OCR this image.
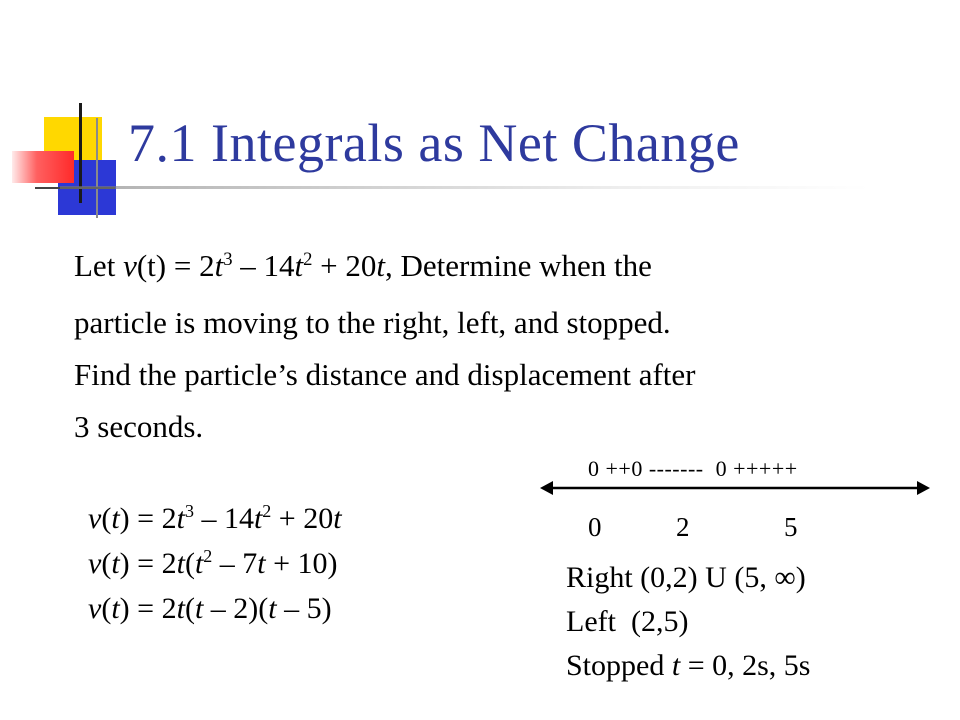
7.1 Integrals as Net Change
Let $v(t) = 2t^3 - 14t^2 + 20t$, Determine when the
particle is moving to the right, left, and stopped.
Find the particle’s distance and displacement after
3 seconds.
0 ++0 -------  0 +++++
0	2	5
$v(t) = 2t^3 - 14t^2 + 20t$
$v(t) = 2t(t^2 - 7t + 10)$
v(t) = 2t(t – 2)(t – 5)
Right (0,2) U (5, ∞)
Left  (2,5)
Stopped t = 0, 2s, 5s
